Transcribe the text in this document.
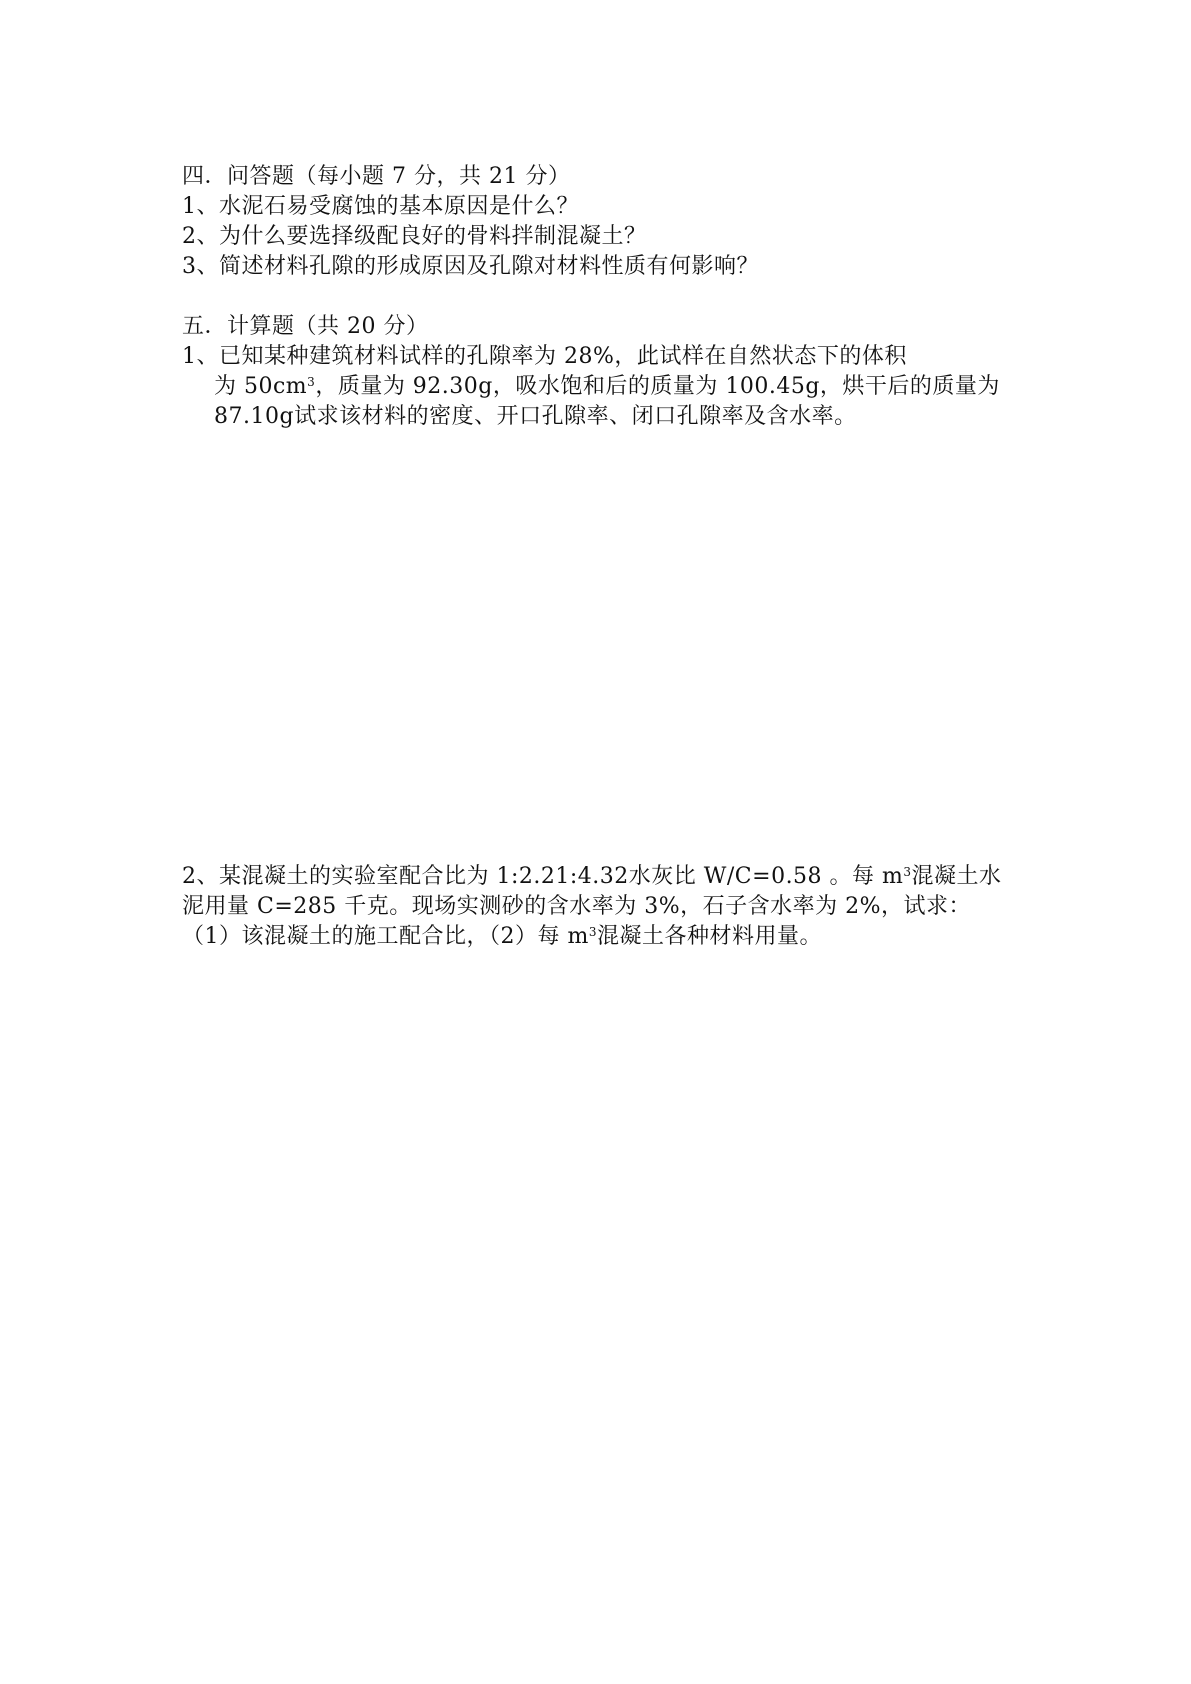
四．问答题（每小题 7 分，共 21 分）
1、水泥石易受腐蚀的基本原因是什么？
2、为什么要选择级配良好的骨料拌制混凝土？
3、简述材料孔隙的形成原因及孔隙对材料性质有何影响？
五．计算题（共 20 分）
1、已知某种建筑材料试样的孔隙率为 28%，此试样在自然状态下的体积
为 $50cm^3$，质量为 92.30g，吸水饱和后的质量为 100.45g，烘干后的质量为
87.10g试求该材料的密度、开口孔隙率、闭口孔隙率及含水率。
2、某混凝土的实验室配合比为 1:2.21:4.32水灰比 W/C=0.58 。每 $m^3$混凝土水
泥用量 C=285 千克。现场实测砂的含水率为 3%，石子含水率为 2%，试求：
（1）该混凝土的施工配合比，（2）每 $m^3$混凝土各种材料用量。
